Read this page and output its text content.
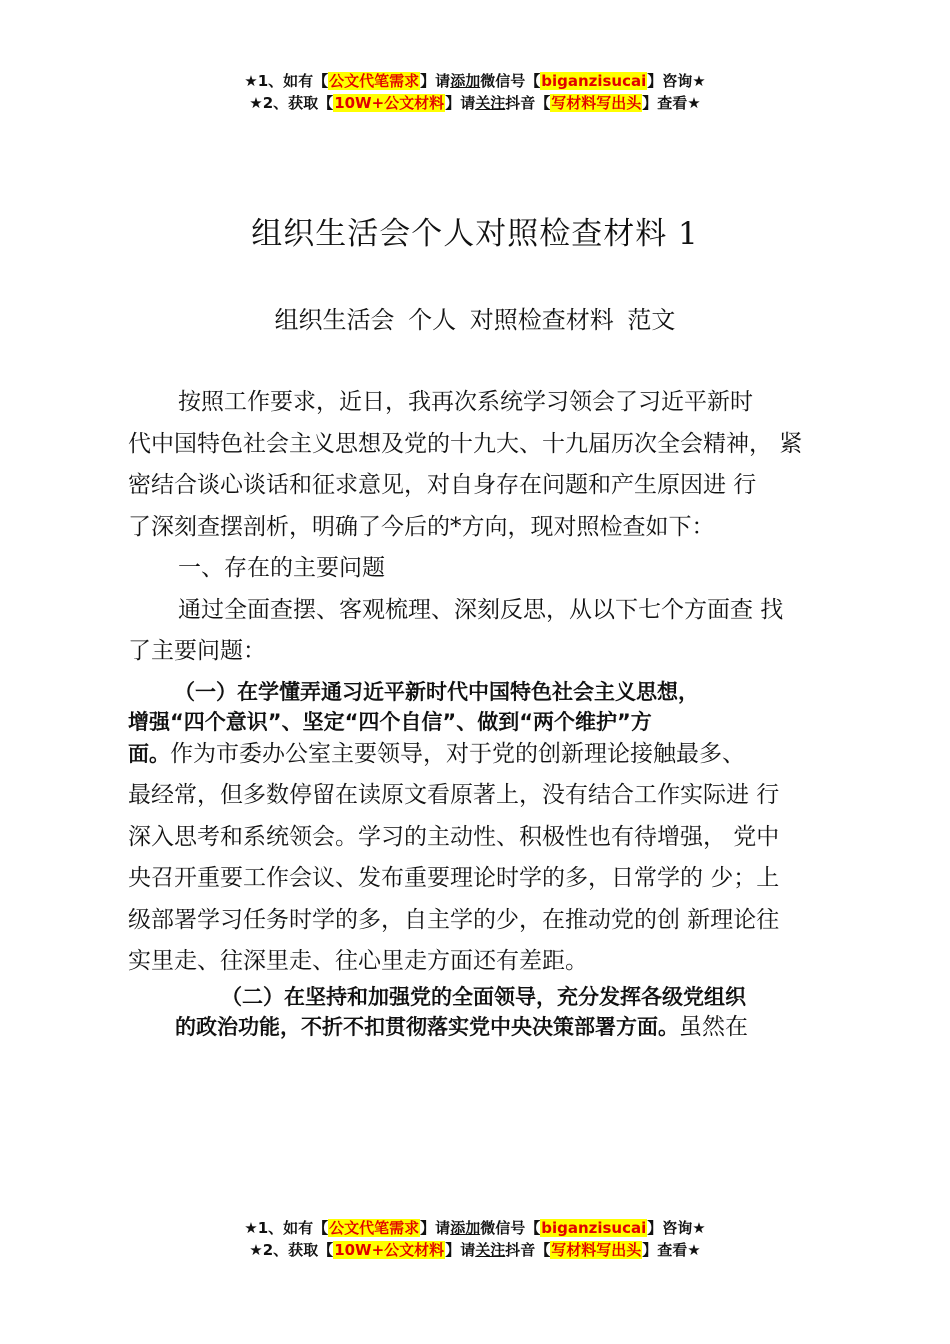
★1、如有【公文代笔需求】请添加微信号【biganzisucai】咨询★
★2、获取【10W+公文材料】请关注抖音【写材料写出头】查看★
组织生活会个人对照检查材料 1
组织生活会 个人 对照检查材料 范文
按照工作要求，近日，我再次系统学习领会了习近平新时
代中国特色社会主义思想及党的十九大、十九届历次全会精神， 紧
密结合谈心谈话和征求意见，对自身存在问题和产生原因进 行
了深刻查摆剖析，明确了今后的*方向，现对照检查如下：
一、存在的主要问题
通过全面查摆、客观梳理、深刻反思，从以下七个方面查 找
了主要问题：
（一）在学懂弄通习近平新时代中国特色社会主义思想，
增强“四个意识”、坚定“四个自信”、做到“两个维护”方
面。作为市委办公室主要领导，对于党的创新理论接触最多、
最经常，但多数停留在读原文看原著上，没有结合工作实际进 行
深入思考和系统领会。学习的主动性、积极性也有待增强， 党中
央召开重要工作会议、发布重要理论时学的多，日常学的 少；上
级部署学习任务时学的多，自主学的少，在推动党的创 新理论往
实里走、往深里走、往心里走方面还有差距。
（二）在坚持和加强党的全面领导，充分发挥各级党组织
的政治功能，不折不扣贯彻落实党中央决策部署方面。虽然在
★1、如有【公文代笔需求】请添加微信号【biganzisucai】咨询★
★2、获取【10W+公文材料】请关注抖音【写材料写出头】查看★
